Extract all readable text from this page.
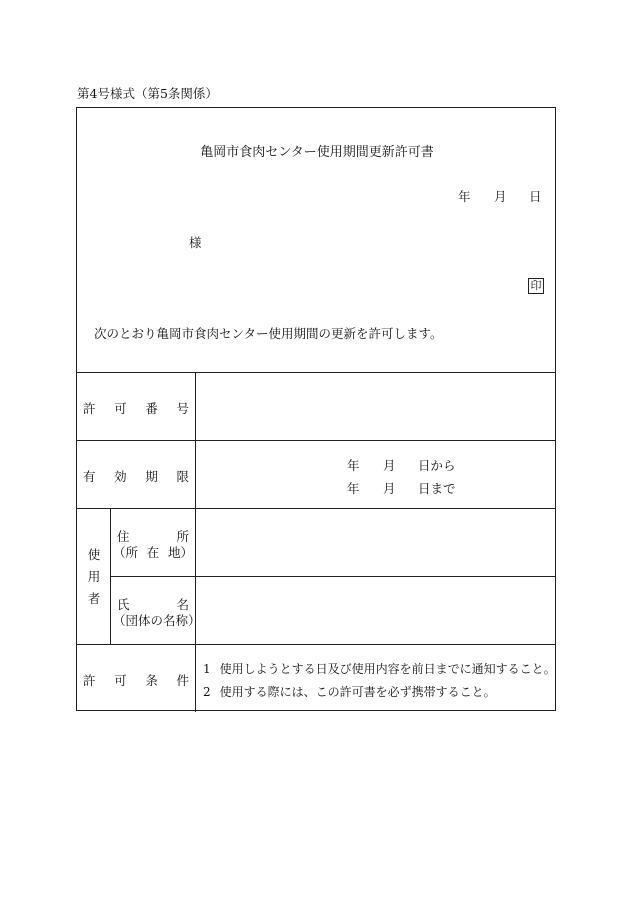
第4号様式（第5条関係）
亀岡市食肉センター使用期間更新許可書
年 月 日
様
印
次のとおり亀岡市食肉センター使用期間の更新を許可します。
許 可 番 号
有 効 期 限
年 月 日から
年 月 日まで
使
用
者
住	所
（所 在 地）
氏	名
（団体の名称）
許 可 条 件
1 使用しようとする日及び使用内容を前日までに通知すること。
2 使用する際には、この許可書を必ず携帯すること。
